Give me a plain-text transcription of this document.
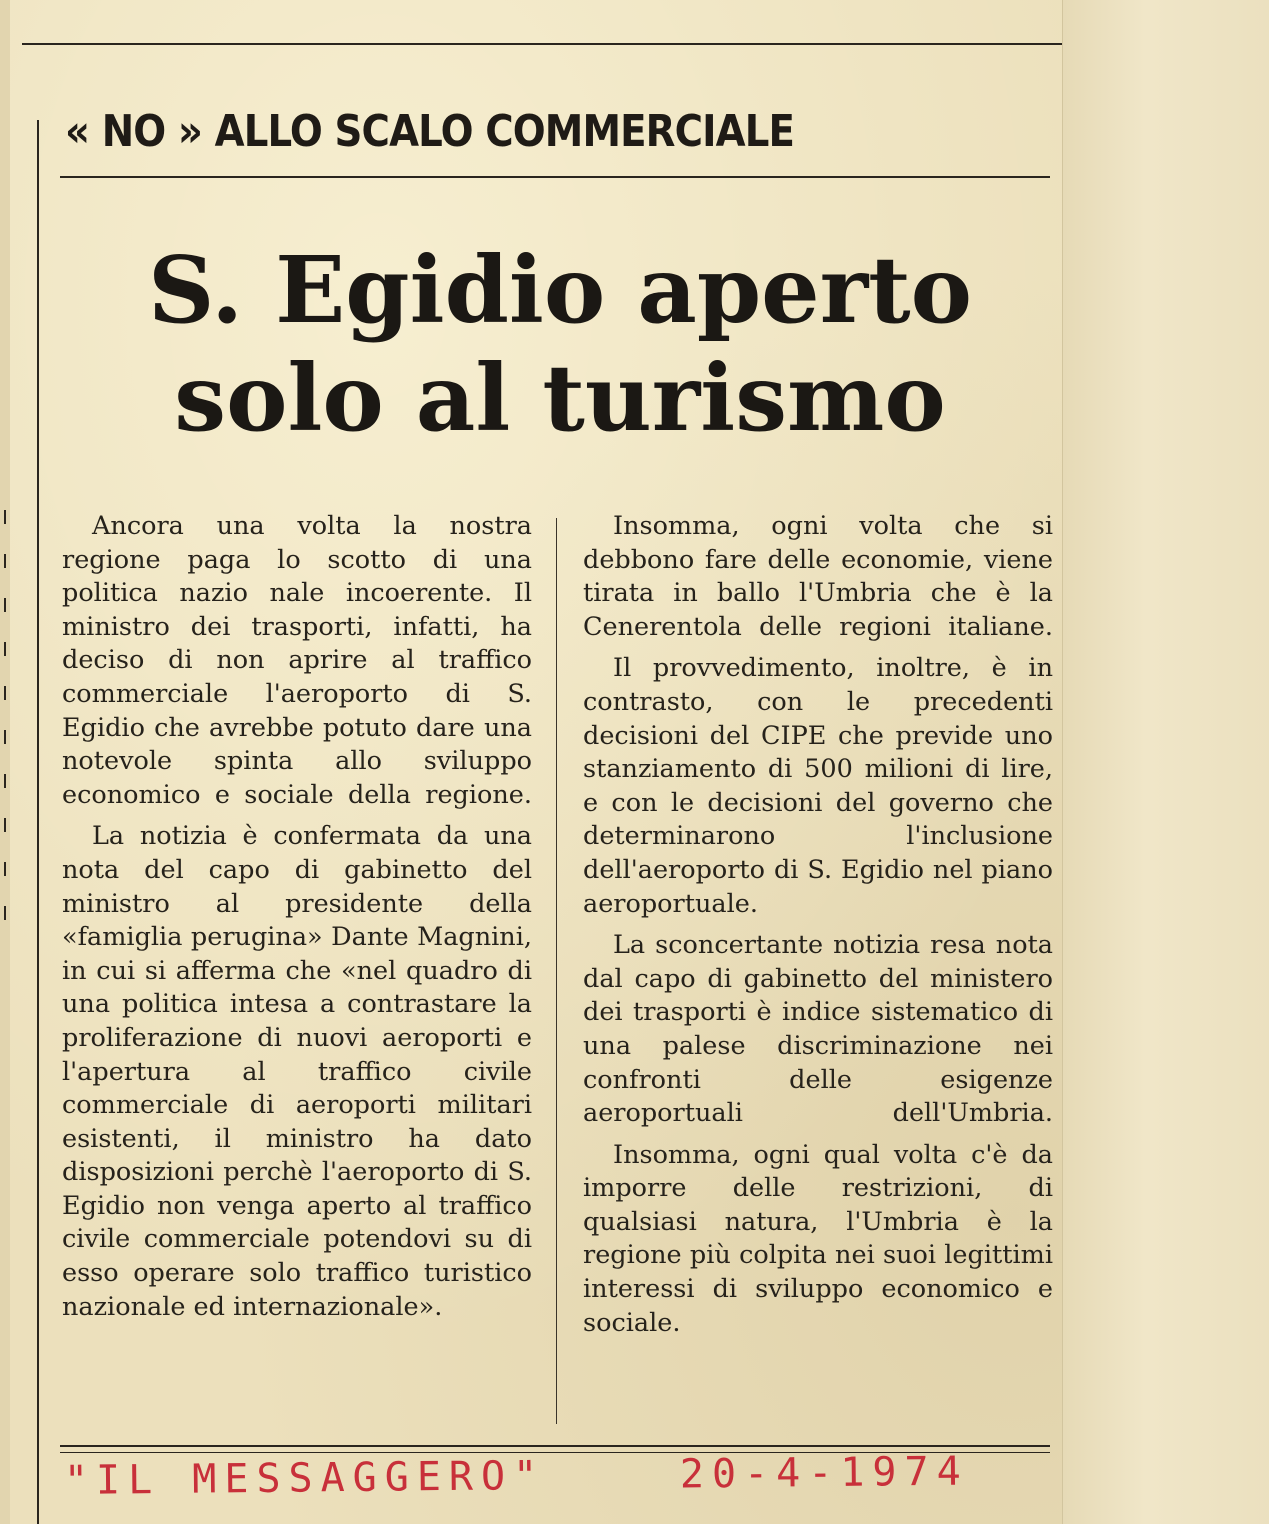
« NO » ALLO SCALO COMMERCIALE
S. Egidio aperto
solo al turismo

Ancora una volta la nostra regione paga lo scotto di una politica nazio nale incoerente. Il ministro dei trasporti, infatti, ha deciso di non aprire al traffico commerciale l'aeroporto di S. Egidio che avrebbe potuto dare una notevole spinta allo sviluppo economico e sociale della regione.

La notizia è confermata da una nota del capo di gabinetto del ministro al presidente della «famiglia perugina» Dante Magnini, in cui si afferma che «nel quadro di una politica intesa a contrastare la proliferazione di nuovi aeroporti e l'apertura al traffico civile commerciale di aeroporti militari esistenti, il ministro ha dato disposizioni perchè l'aeroporto di S. Egidio non venga aperto al traffico civile commerciale potendovi su di esso operare solo traffico turistico nazionale ed internazionale».

Insomma, ogni volta che si debbono fare delle economie, viene tirata in ballo l'Umbria che è la Cenerentola delle regioni italiane.

Il provvedimento, inoltre, è in contrasto, con le precedenti decisioni del CIPE che previde uno stanziamento di 500 milioni di lire, e con le decisioni del governo che determinarono l'inclusione dell'aeroporto di S. Egidio nel piano aeroportuale.

La sconcertante notizia resa nota dal capo di gabinetto del ministero dei trasporti è indice sistematico di una palese discriminazione nei confronti delle esigenze aeroportuali dell'Umbria.

Insomma, ogni qual volta c'è da imporre delle restrizioni, di qualsiasi natura, l'Umbria è la regione più colpita nei suoi legittimi interessi di sviluppo economico e sociale.

"IL MESSAGGERO"	20-4-1974
